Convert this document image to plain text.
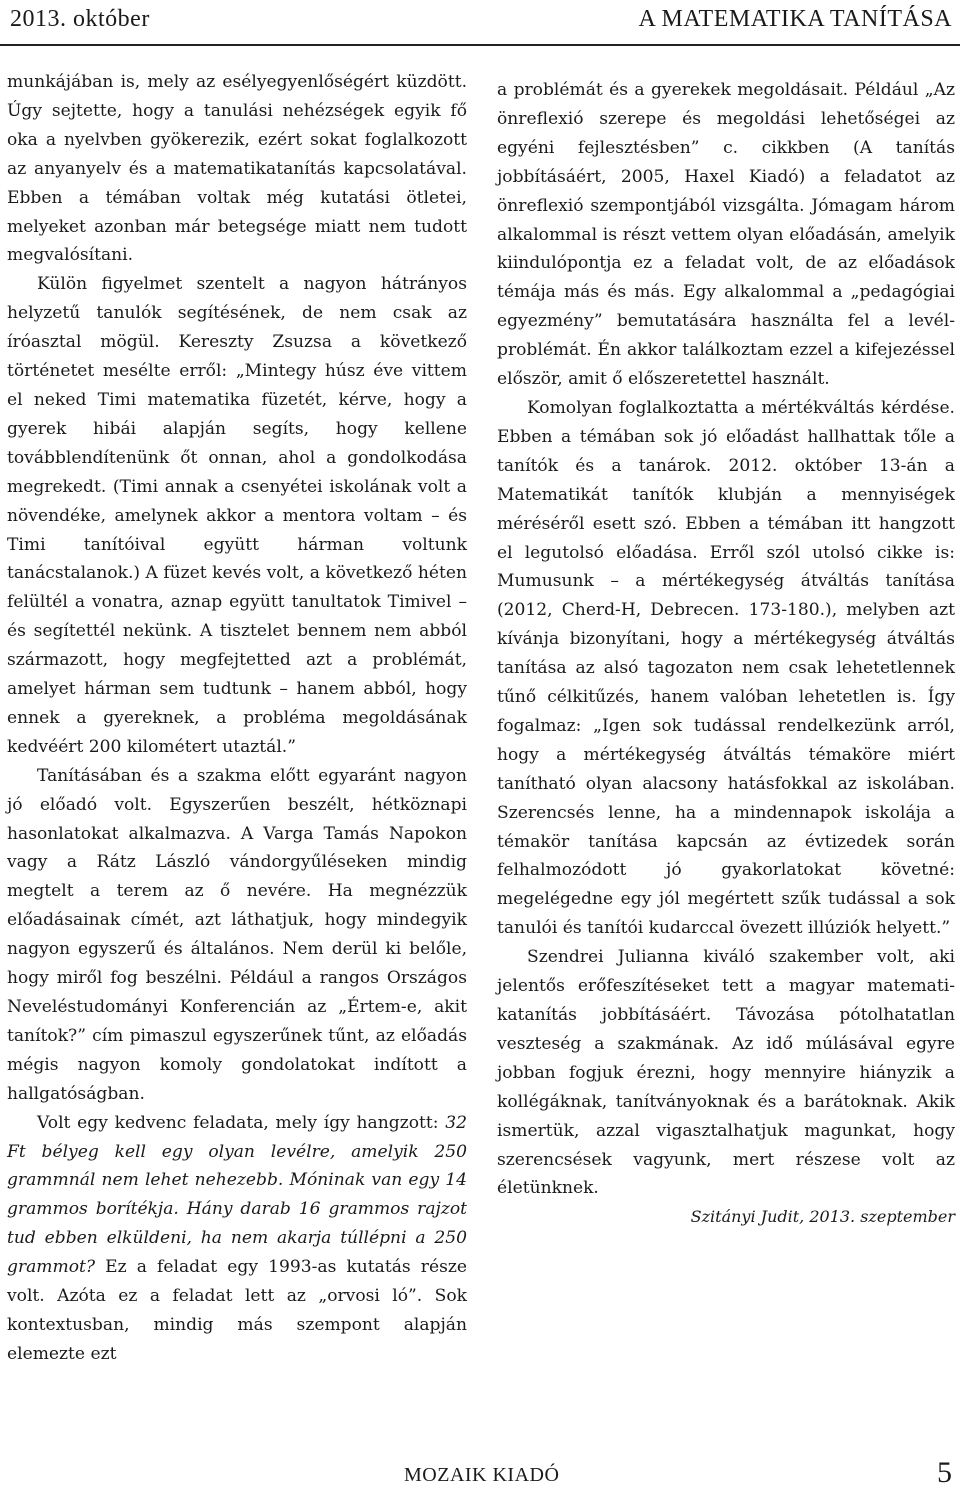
2013. október	A MATEMATIKA TANÍTÁSA

munkájában is, mely az esélyegyenlőségért küzdött. Úgy sejtette, hogy a tanulási nehézségek egyik fő oka a nyelvben gyökerezik, ezért sokat foglalkozott az anyanyelv és a matematikatanítás kapcsolatával. Ebben a témában voltak még kutatási ötletei, melyeket azonban már betegsége miatt nem tudott megvalósítani.

Külön figyelmet szentelt a nagyon hátrányos helyzetű tanulók segítésének, de nem csak az íróasztal mögül. Kereszty Zsuzsa a következő történetet mesélte erről: „Mintegy húsz éve vittem el neked Timi matematika füzetét, kérve, hogy a gyerek hibái alapján segíts, hogy kellene továbblendítenünk őt onnan, ahol a gondolkodása megrekedt. (Timi annak a csenyétei iskolának volt a növendéke, amelynek akkor a mentora voltam – és Timi tanítóival együtt hárman voltunk tanácstalanok.) A füzet kevés volt, a következő héten felültél a vonatra, aznap együtt tanultatok Timivel – és segítettél nekünk. A tisztelet bennem nem abból származott, hogy megfejtetted azt a problémát, amelyet hárman sem tudtunk – hanem abból, hogy ennek a gyereknek, a probléma megoldásának kedvéért 200 kilométert utaztál.”

Tanításában és a szakma előtt egyaránt nagyon jó előadó volt. Egyszerűen beszélt, hétköznapi hasonlatokat alkalmazva. A Varga Tamás Napokon vagy a Rátz László vándorgyűléseken mindig megtelt a terem az ő nevére. Ha megnézzük előadásainak címét, azt láthatjuk, hogy mindegyik nagyon egyszerű és általános. Nem derül ki belőle, hogy miről fog beszélni. Például a rangos Országos Neveléstudományi Konferencián az „Értem-e, akit tanítok?” cím pimaszul egyszerűnek tűnt, az előadás mégis nagyon komoly gondolatokat indított a hallgatóságban.

Volt egy kedvenc feladata, mely így hangzott: 32 Ft bélyeg kell egy olyan levélre, amelyik 250 grammnál nem lehet nehezebb. Móninak van egy 14 grammos borítékja. Hány darab 16 grammos rajzot tud ebben elküldeni, ha nem akarja túllépni a 250 grammot? Ez a feladat egy 1993-as kutatás része volt. Azóta ez a feladat lett az „orvosi ló”. Sok kontextusban, mindig más szempont alapján elemezte ezt

a problémát és a gyerekek megoldásait. Például „Az önreflexió szerepe és megoldási lehetőségei az egyéni fejlesztésben” c. cikkben (A tanítás jobbításáért, 2005, Haxel Kiadó) a feladatot az önreflexió szempontjából vizsgálta. Jómagam három alkalommal is részt vettem olyan előadásán, amelyik kiindulópontja ez a feladat volt, de az előadások témája más és más. Egy alkalommal a „pedagógiai egyezmény” bemutatására használta fel a levél-problémát. Én akkor találkoztam ezzel a kifejezéssel először, amit ő előszeretettel használt.

Komolyan foglalkoztatta a mértékváltás kérdése. Ebben a témában sok jó előadást hallhattak tőle a tanítók és a tanárok. 2012. október 13-án a Matematikát tanítók klubján a mennyiségek méréséről esett szó. Ebben a témában itt hangzott el legutolsó előadása. Erről szól utolsó cikke is: Mumusunk – a mértékegység átváltás tanítása (2012, Cherd-H, Debrecen. 173-180.), melyben azt kívánja bizonyítani, hogy a mértékegység átváltás tanítása az alsó tagozaton nem csak lehetetlennek tűnő célkitűzés, hanem valóban lehetetlen is. Így fogalmaz: „Igen sok tudással rendelkezünk arról, hogy a mértékegység átváltás témaköre miért tanítható olyan alacsony hatásfokkal az iskolában. Szerencsés lenne, ha a mindennapok iskolája a témakör tanítása kapcsán az évtizedek során felhalmozódott jó gyakorlatokat követné: megelégedne egy jól megértett szűk tudással a sok tanulói és tanítói kudarccal övezett illúziók helyett.”

Szendrei Julianna kiváló szakember volt, aki jelentős erőfeszítéseket tett a magyar matematikatanítás jobbításáért. Távozása pótolhatatlan veszteség a szakmának. Az idő múlásával egyre jobban fogjuk érezni, hogy mennyire hiányzik a kollégáknak, tanítványoknak és a barátoknak. Akik ismertük, azzal vigasztalhatjuk magunkat, hogy szerencsések vagyunk, mert részese volt az életünknek.

Szitányi Judit, 2013. szeptember

MOZAIK KIADÓ	5
